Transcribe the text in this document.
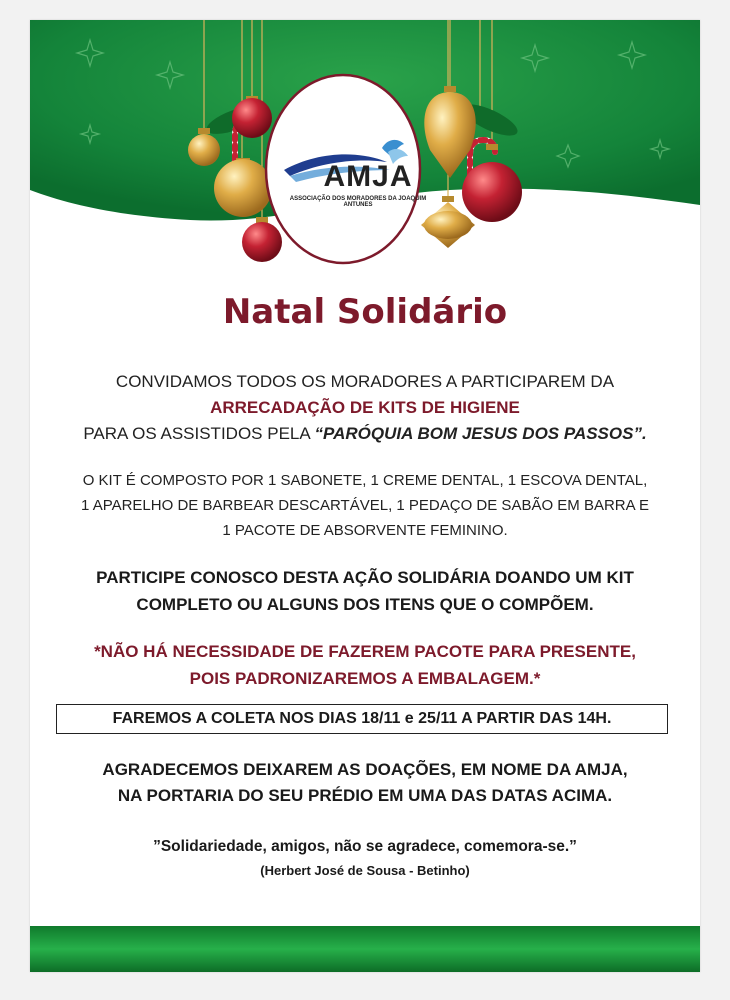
AMJA
ASSOCIAÇÃO DOS MORADORES DA JOAQUIM ANTUNES
Natal Solidário
CONVIDAMOS TODOS OS MORADORES A PARTICIPAREM DA
ARRECADAÇÃO DE KITS DE HIGIENE
PARA OS ASSISTIDOS PELA “PARÓQUIA BOM JESUS DOS PASSOS”.
O KIT É COMPOSTO POR 1 SABONETE, 1 CREME DENTAL, 1 ESCOVA DENTAL,
1 APARELHO DE BARBEAR DESCARTÁVEL, 1 PEDAÇO DE SABÃO EM BARRA E
1 PACOTE DE ABSORVENTE FEMININO.
PARTICIPE CONOSCO DESTA AÇÃO SOLIDÁRIA DOANDO UM KIT
COMPLETO OU ALGUNS DOS ITENS QUE O COMPÕEM.
*NÃO HÁ NECESSIDADE DE FAZEREM PACOTE PARA PRESENTE,
POIS PADRONIZAREMOS A EMBALAGEM.*
FAREMOS A COLETA NOS DIAS 18/11 e 25/11 A PARTIR DAS 14H.
AGRADECEMOS DEIXAREM AS DOAÇÕES, EM NOME DA AMJA,
NA PORTARIA DO SEU PRÉDIO EM UMA DAS DATAS ACIMA.
”Solidariedade, amigos, não se agradece, comemora-se.”
(Herbert José de Sousa - Betinho)
